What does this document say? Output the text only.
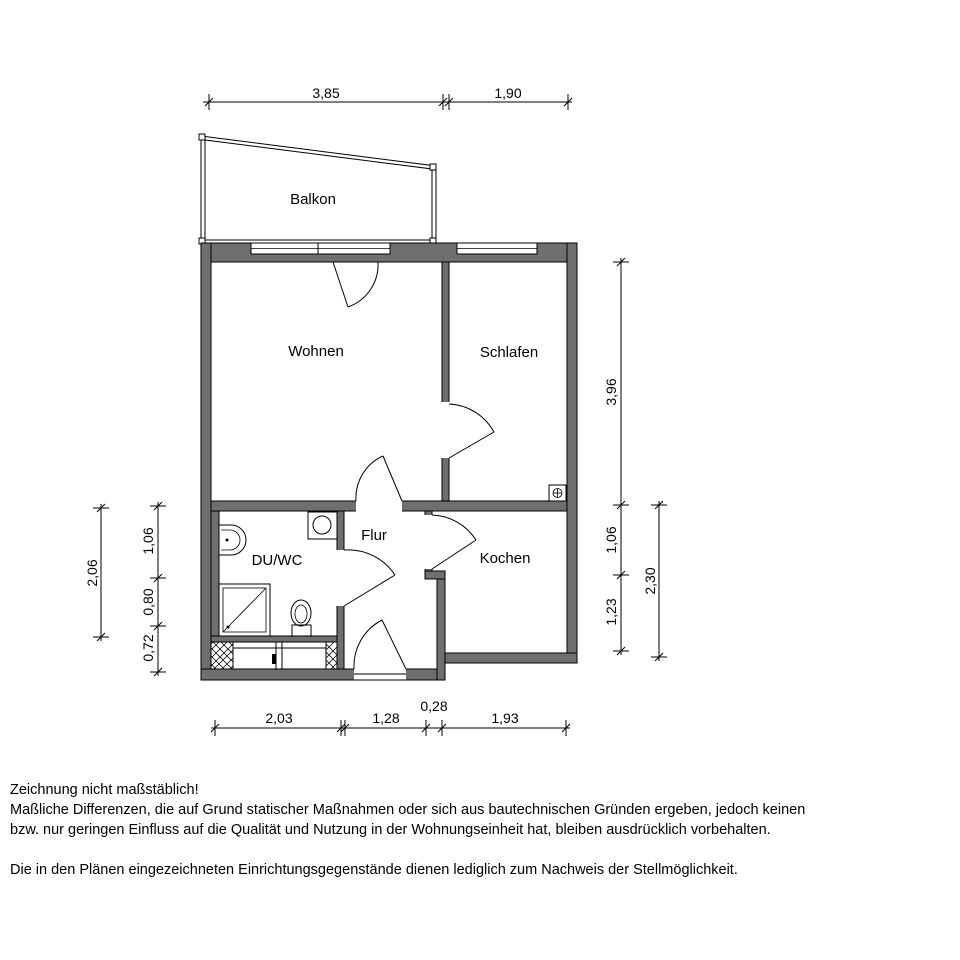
Balkon
Wohnen	Schlafen
DU/WC
Flur
Kochen
3,85	1,90
3,96
1,06
1,23
2,30
2,06
1,06
0,80
0,72
2,03	1,28
0,28
1,93

Zeichnung nicht maßstäblich!

Maßliche Differenzen, die auf Grund statischer Maßnahmen oder sich aus bautechnischen Gründen ergeben, jedoch keinen

bzw. nur geringen Einfluss auf die Qualität und Nutzung in der Wohnungseinheit hat, bleiben ausdrücklich vorbehalten.

Die in den Plänen eingezeichneten Einrichtungsgegenstände dienen lediglich zum Nachweis der Stellmöglichkeit.
